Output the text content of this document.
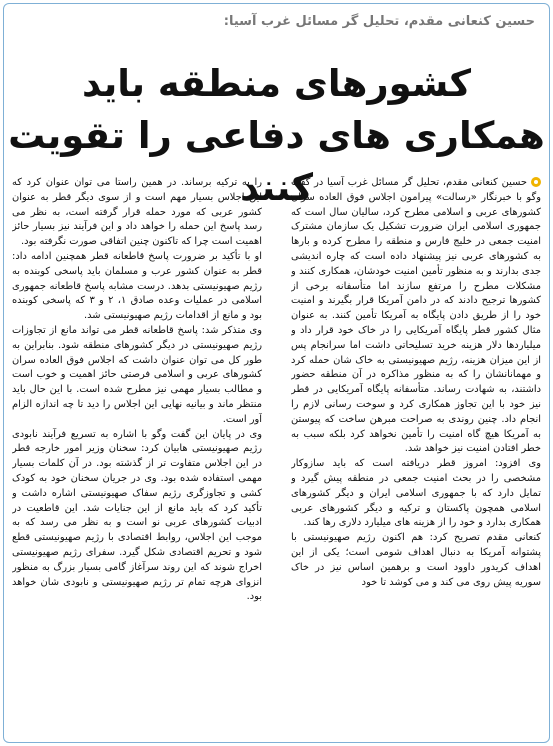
حسین کنعانی مقدم، تحلیل گر مسائل غرب آسیا:
کشورهای منطقه باید
همکاری های دفاعی را تقویت کنند

حسین کنعانی مقدم، تحلیل گر مسائل غرب آسیا در گفت وگو با خبرنگار «رسالت» پیرامون اجلاس فوق العاده سران کشورهای عربی و اسلامی مطرح کرد، سالیان سال است که جمهوری اسلامی ایران ضرورت تشکیل یک سازمان مشترک امنیت جمعی در خلیج فارس و منطقه را مطرح کرده و بارها به کشورهای عربی نیز پیشنهاد داده است که چاره اندیشی جدی بدارند و به منظور تأمین امنیت خودشان، همکاری کنند و مشکلات مطرح را مرتفع سازند اما متأسفانه برخی از کشورها ترجیح دادند که در دامن آمریکا قرار بگیرند و امنیت خود را از طریق دادن پایگاه به آمریکا تأمین کنند. به عنوان مثال کشور قطر پایگاه آمریکایی را در خاک خود قرار داد و میلیاردها دلار هزینه خرید تسلیحاتی داشت اما سرانجام پس از این میزان هزینه، رژیم صهیونیستی به خاک شان حمله کرد و مهمانانشان را که به منظور مذاکره در آن منطقه حضور داشتند، به شهادت رساند. متأسفانه پایگاه آمریکایی در قطر نیز خود با این تجاوز همکاری کرد و سوخت رسانی لازم را انجام داد. چنین روندی به صراحت مبرهن ساخت که پیوستن به آمریکا هیچ گاه امنیت را تأمین نخواهد کرد بلکه سبب به خطر افتادن امنیت نیز خواهد شد.

وی افزود: امروز قطر دریافته است که باید سازوکار مشخصی را در بحث امنیت جمعی در منطقه پیش گیرد و تمایل دارد که با جمهوری اسلامی ایران و دیگر کشورهای اسلامی همچون پاکستان و ترکیه و دیگر کشورهای عربی همکاری بدارد و خود را از هزینه های میلیارد دلاری رها کند.

کنعانی مقدم تصریح کرد: هم اکنون رژیم صهیونیستی با پشتوانه آمریکا به دنبال اهداف شومی است؛ یکی از این اهداف کریدور داوود است و برهمین اساس نیز در خاک سوریه پیش روی می کند و می کوشد تا خود

را به ترکیه برساند. در همین راستا می توان عنوان کرد که این اجلاس بسیار مهم است و از سوی دیگر قطر به عنوان کشور عربی که مورد حمله قرار گرفته است، به نظر می رسد پاسخ این حمله را خواهد داد و این فرآیند نیز بسیار حائز اهمیت است چرا که تاکنون چنین اتفاقی صورت نگرفته بود.

او با تأکید بر ضرورت پاسخ قاطعانه قطر همچنین ادامه داد: قطر به عنوان کشور عرب و مسلمان باید پاسخی کوبنده به رژیم صهیونیستی بدهد. درست مشابه پاسخ قاطعانه جمهوری اسلامی در عملیات وعده صادق ۱، ۲ و ۳ که پاسخی کوبنده بود و مانع از اقدامات رژیم صهیونیستی شد.

وی متذکر شد: پاسخ قاطعانه قطر می تواند مانع از تجاوزات رژیم صهیونیستی در دیگر کشورهای منطقه شود. بنابراین به طور کل می توان عنوان داشت که اجلاس فوق العاده سران کشورهای عربی و اسلامی فرصتی حائز اهمیت و خوب است و مطالب بسیار مهمی نیز مطرح شده است. با این حال باید منتظر ماند و بیانیه نهایی این اجلاس را دید تا چه اندازه الزام آور است.

وی در پایان این گفت وگو با اشاره به تسریع فرآیند نابودی رژیم صهیونیستی هابیان کرد: سخنان وزیر امور خارجه قطر در این اجلاس متفاوت تر از گذشته بود. در آن کلمات بسیار مهمی استفاده شده بود. وی در جریان سخنان خود به کودک کشی و تجاوزگری رژیم سفاک صهیونیستی اشاره داشت و تأکید کرد که باید مانع از این جنایات شد. این قاطعیت در ادبیات کشورهای عربی نو است و به نظر می رسد که به موجب این اجلاس، روابط اقتصادی با رژیم صهیونیستی قطع شود و تحریم اقتصادی شکل گیرد. سفرای رژیم صهیونیستی اخراج شوند که این روند سرآغاز گامی بسیار بزرگ به منظور انزوای هرچه تمام تر رژیم صهیونیستی و نابودی شان خواهد بود.
